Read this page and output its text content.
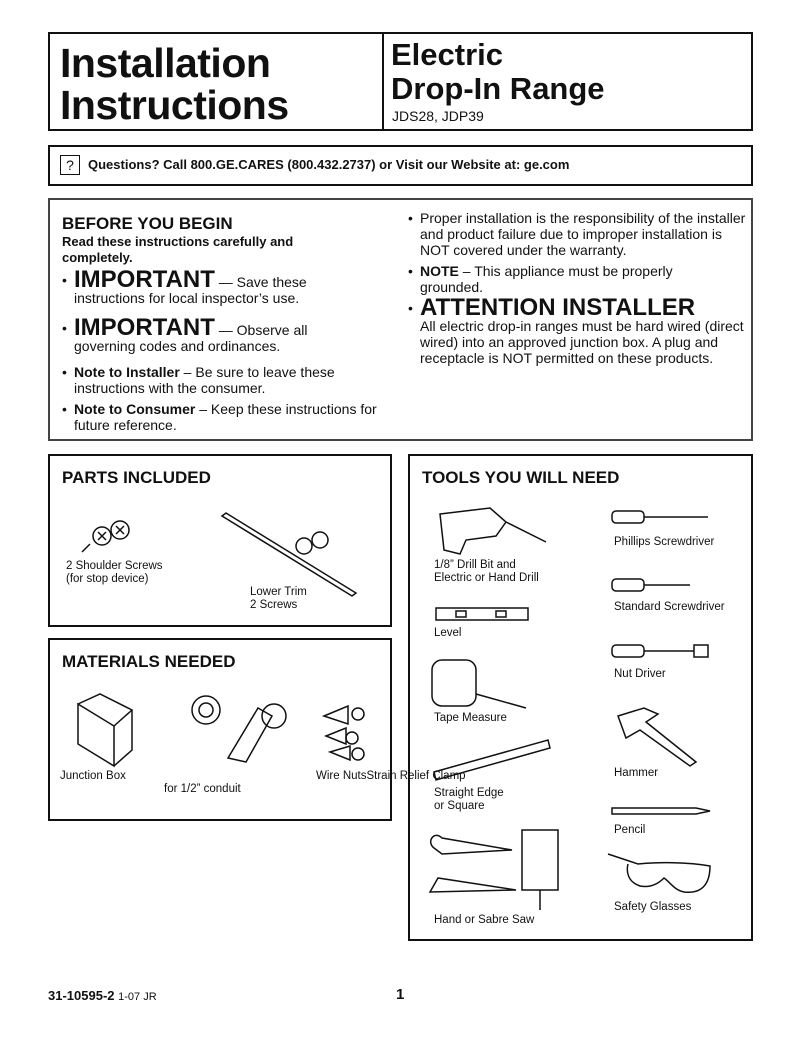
Installation
Instructions
Electric
Drop-In Range
JDS28, JDP39
?	Questions? Call 800.GE.CARES (800.432.2737) or Visit our Website at: ge.com
BEFORE YOU BEGIN
Read these instructions carefully and completely.
• IMPORTANT — Save these instructions for local inspector’s use.
• IMPORTANT — Observe all governing codes and ordinances.
• Note to Installer – Be sure to leave these instructions with the consumer.
• Note to Consumer – Keep these instructions for future reference.
• Proper installation is the responsibility of the installer and product failure due to improper installation is NOT covered under the warranty.
• NOTE – This appliance must be properly grounded.
• ATTENTION INSTALLER
All electric drop-in ranges must be hard wired (direct wired) into an approved junction box. A plug and receptacle is NOT permitted on these products.
PARTS INCLUDED
2 Shoulder Screws
(for stop device)
Lower Trim
2 Screws
MATERIALS NEEDED
Junction Box
for 1/2” conduit
Wire NutsStrain Relief Clamp
TOOLS YOU WILL NEED
1/8” Drill Bit and
Electric or Hand Drill
Level
Tape Measure
Straight Edge
or Square
Hand or Sabre Saw
Phillips Screwdriver
Standard Screwdriver
Nut Driver
Hammer
Pencil
Safety Glasses
31-10595-2 1-07 JR	1
